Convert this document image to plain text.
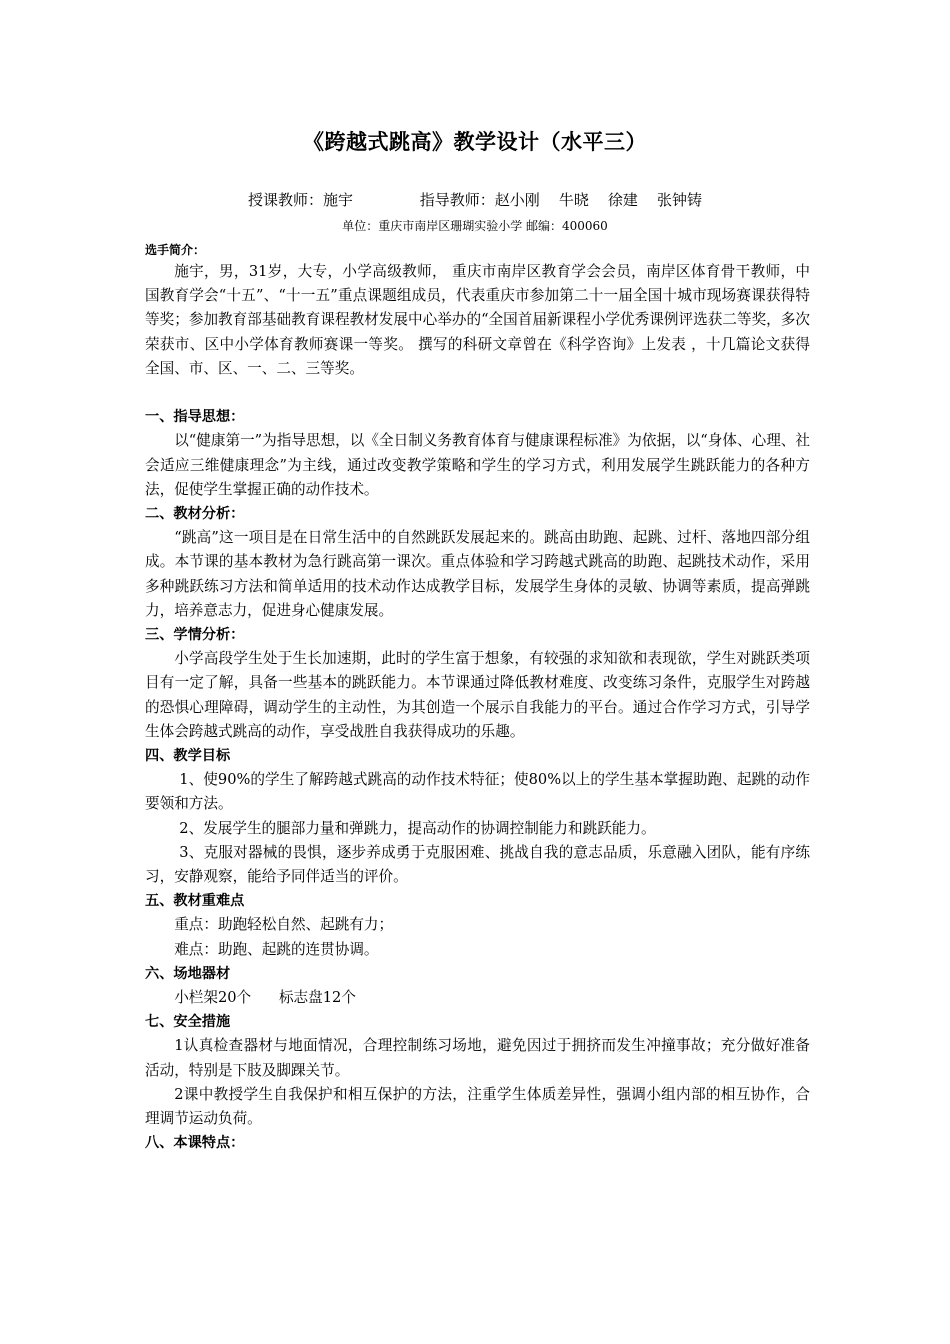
《跨越式跳高》教学设计（水平三）
授课教师：施宇              指导教师：赵小刚    牛晓    徐建    张钟铸
单位：重庆市南岸区珊瑚实验小学 邮编：400060
选手简介：
施宇，男，31岁，大专，小学高级教师， 重庆市南岸区教育学会会员，南岸区体育骨干教师，中国教育学会“十五”、“十一五”重点课题组成员，代表重庆市参加第二十一届全国十城市现场赛课获得特等奖；参加教育部基础教育课程教材发展中心举办的“全国首届新课程小学优秀课例评选获二等奖，多次荣获市、区中小学体育教师赛课一等奖。 撰写的科研文章曾在《科学咨询》上发表 ，十几篇论文获得全国、市、区、一、二、三等奖。
一、指导思想：
以“健康第一”为指导思想，以《全日制义务教育体育与健康课程标准》为依据，以“身体、心理、社会适应三维健康理念”为主线，通过改变教学策略和学生的学习方式，利用发展学生跳跃能力的各种方法，促使学生掌握正确的动作技术。
二、教材分析：
“跳高”这一项目是在日常生活中的自然跳跃发展起来的。跳高由助跑、起跳、过杆、落地四部分组成。本节课的基本教材为急行跳高第一课次。重点体验和学习跨越式跳高的助跑、起跳技术动作，采用多种跳跃练习方法和简单适用的技术动作达成教学目标，发展学生身体的灵敏、协调等素质，提高弹跳力，培养意志力，促进身心健康发展。
三、学情分析：
小学高段学生处于生长加速期，此时的学生富于想象，有较强的求知欲和表现欲，学生对跳跃类项目有一定了解，具备一些基本的跳跃能力。本节课通过降低教材难度、改变练习条件，克服学生对跨越的恐惧心理障碍，调动学生的主动性，为其创造一个展示自我能力的平台。通过合作学习方式，引导学生体会跨越式跳高的动作，享受战胜自我获得成功的乐趣。
四、教学目标
1、使90%的学生了解跨越式跳高的动作技术特征；使80%以上的学生基本掌握助跑、起跳的动作要领和方法。
2、发展学生的腿部力量和弹跳力，提高动作的协调控制能力和跳跃能力。
3、克服对器械的畏惧，逐步养成勇于克服困难、挑战自我的意志品质，乐意融入团队，能有序练习，安静观察，能给予同伴适当的评价。
五、教材重难点
重点：助跑轻松自然、起跳有力；
难点：助跑、起跳的连贯协调。
六、场地器材
小栏架20个      标志盘12个
七、安全措施
1认真检查器材与地面情况，合理控制练习场地，避免因过于拥挤而发生冲撞事故；充分做好准备活动，特别是下肢及脚踝关节。
2课中教授学生自我保护和相互保护的方法，注重学生体质差异性，强调小组内部的相互协作，合理调节运动负荷。
八、本课特点：
